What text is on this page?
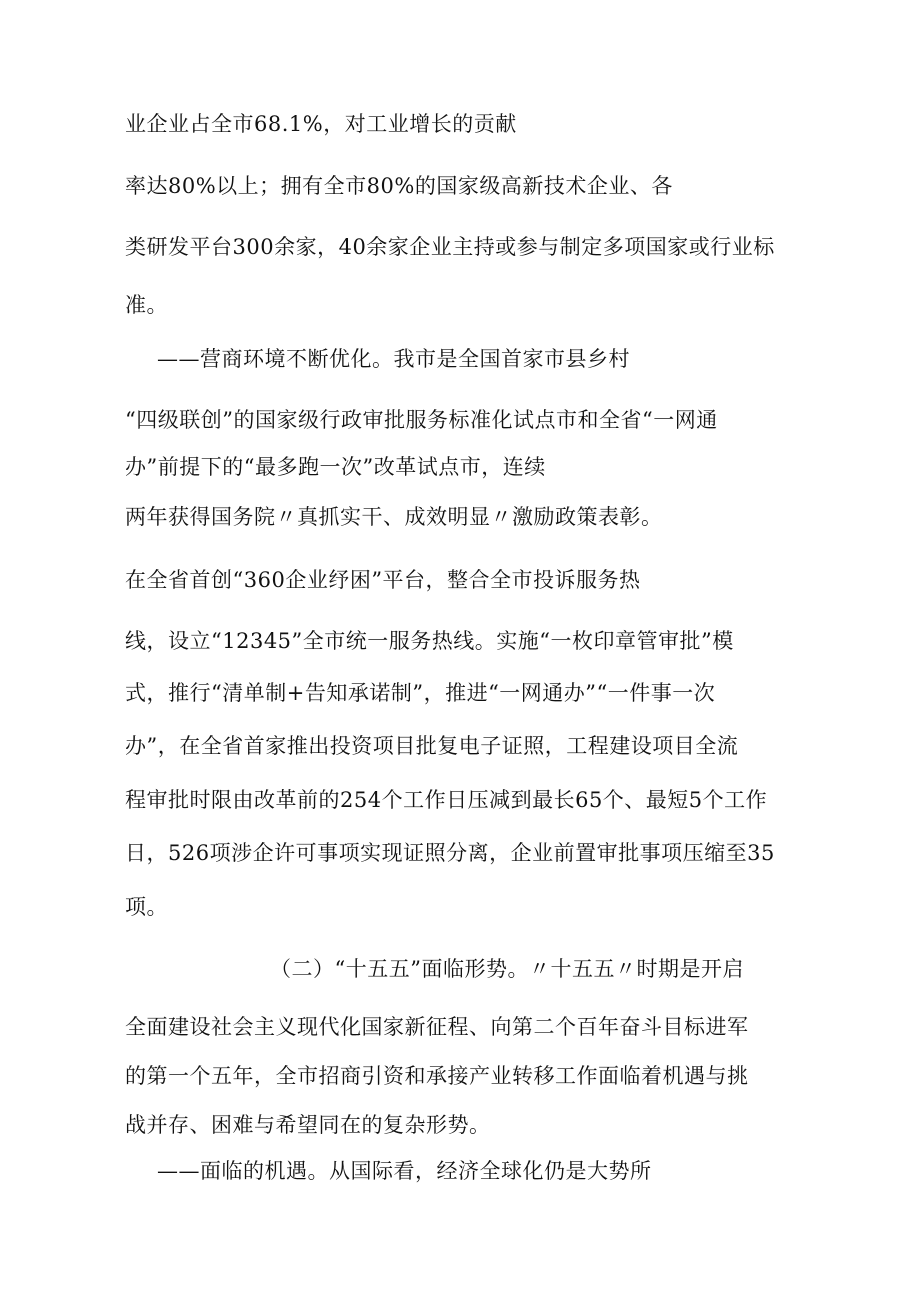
业企业占全市68.1%，对工业增长的贡献
率达80%以上；拥有全市80%的国家级高新技术企业、各
类研发平台300余家，40余家企业主持或参与制定多项国家或行业标
准。
——营商环境不断优化。我市是全国首家市县乡村
“四级联创”的国家级行政审批服务标准化试点市和全省“一网通
办”前提下的“最多跑一次”改革试点市，连续
两年获得国务院〃真抓实干、成效明显〃激励政策表彰。
在全省首创“360企业纾困”平台，整合全市投诉服务热
线，设立“12345”全市统一服务热线。实施“一枚印章管审批”模
式，推行“清单制+告知承诺制”，推进“一网通办”“一件事一次
办”，在全省首家推出投资项目批复电子证照，工程建设项目全流
程审批时限由改革前的254个工作日压减到最长65个、最短5个工作
日，526项涉企许可事项实现证照分离，企业前置审批事项压缩至35
项。
（二）“十五五”面临形势。〃十五五〃时期是开启
全面建设社会主义现代化国家新征程、向第二个百年奋斗目标进军
的第一个五年，全市招商引资和承接产业转移工作面临着机遇与挑
战并存、困难与希望同在的复杂形势。
——面临的机遇。从国际看，经济全球化仍是大势所
